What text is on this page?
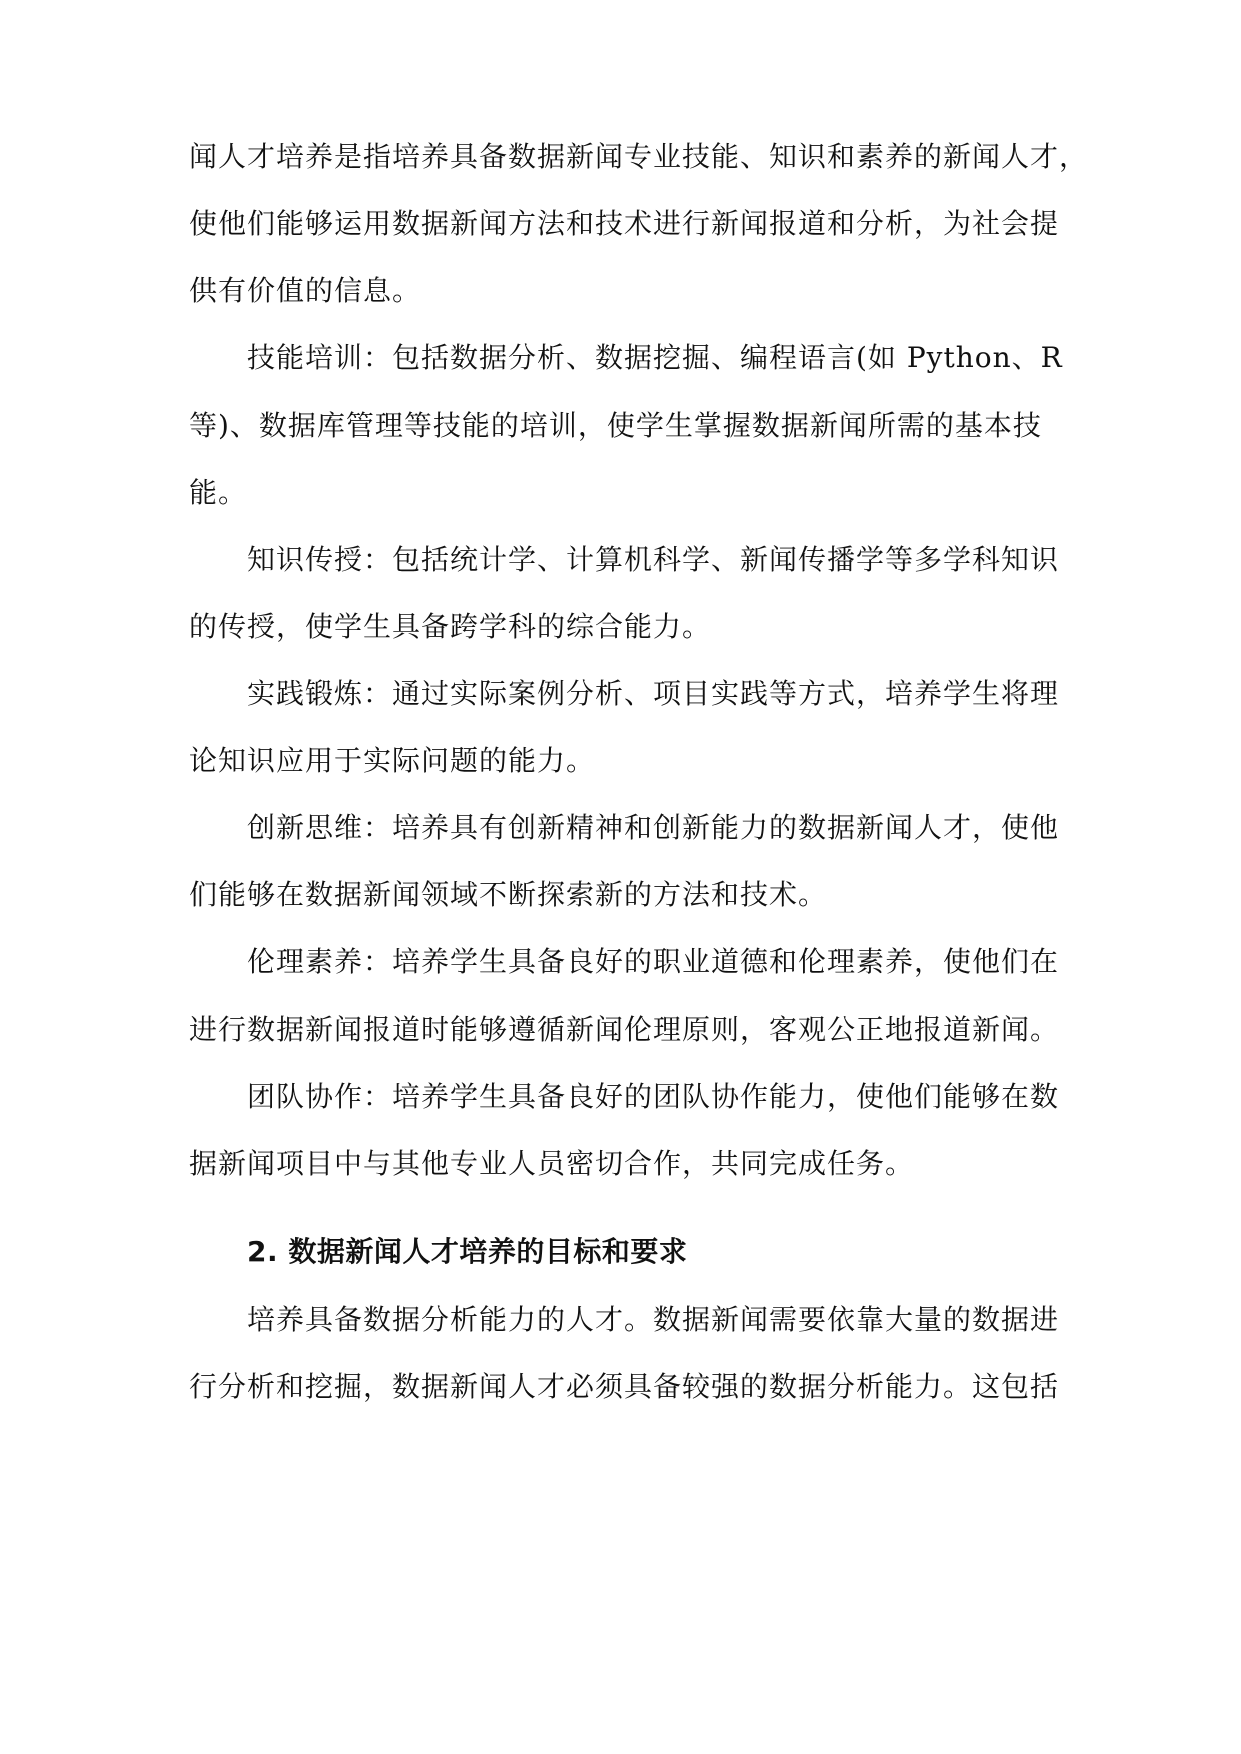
闻人才培养是指培养具备数据新闻专业技能、知识和素养的新闻人才，
使他们能够运用数据新闻方法和技术进行新闻报道和分析，为社会提
供有价值的信息。
技能培训：包括数据分析、数据挖掘、编程语言(如 Python、R
等)、数据库管理等技能的培训，使学生掌握数据新闻所需的基本技
能。
知识传授：包括统计学、计算机科学、新闻传播学等多学科知识
的传授，使学生具备跨学科的综合能力。
实践锻炼：通过实际案例分析、项目实践等方式，培养学生将理
论知识应用于实际问题的能力。
创新思维：培养具有创新精神和创新能力的数据新闻人才，使他
们能够在数据新闻领域不断探索新的方法和技术。
伦理素养：培养学生具备良好的职业道德和伦理素养，使他们在
进行数据新闻报道时能够遵循新闻伦理原则，客观公正地报道新闻。
团队协作：培养学生具备良好的团队协作能力，使他们能够在数
据新闻项目中与其他专业人员密切合作，共同完成任务。
2. 数据新闻人才培养的目标和要求
培养具备数据分析能力的人才。数据新闻需要依靠大量的数据进
行分析和挖掘，数据新闻人才必须具备较强的数据分析能力。这包括
